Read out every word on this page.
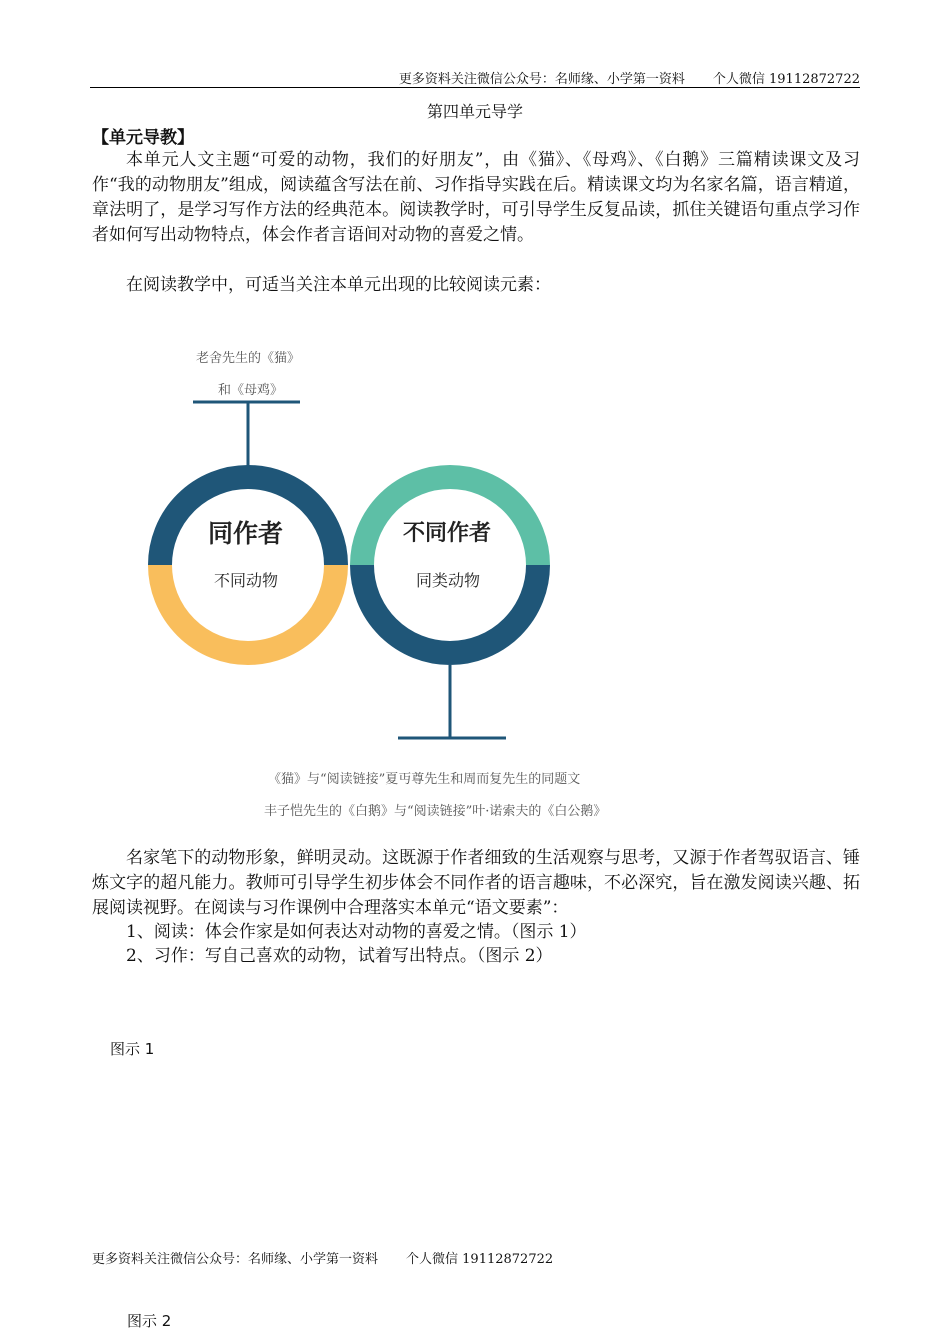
更多资料关注微信公众号：名师缘、小学第一资料 个人微信 19112872722
第四单元导学
【单元导教】
本单元人文主题“可爱的动物，我们的好朋友”，由《猫》、《母鸡》、《白鹅》三篇精读课文及习作“我的动物朋友”组成，阅读蕴含写法在前、习作指导实践在后。精读课文均为名家名篇，语言精道，章法明了，是学习写作方法的经典范本。阅读教学时，可引导学生反复品读，抓住关键语句重点学习作者如何写出动物特点，体会作者言语间对动物的喜爱之情。
在阅读教学中，可适当关注本单元出现的比较阅读元素：
老舍先生的《猫》
和《母鸡》
同作者
不同动物
不同作者
同类动物
《猫》与“阅读链接”夏丏尊先生和周而复先生的同题文
丰子恺先生的《白鹅》与“阅读链接”叶·诺索夫的《白公鹅》
名家笔下的动物形象，鲜明灵动。这既源于作者细致的生活观察与思考，又源于作者驾驭语言、锤炼文字的超凡能力。教师可引导学生初步体会不同作者的语言趣味，不必深究，旨在激发阅读兴趣、拓展阅读视野。在阅读与习作课例中合理落实本单元“语文要素”：
1、阅读：体会作家是如何表达对动物的喜爱之情。（图示 1）
2、习作：写自己喜欢的动物，试着写出特点。（图示 2）
图示 1
更多资料关注微信公众号：名师缘、小学第一资料 个人微信 19112872722
图示 2
